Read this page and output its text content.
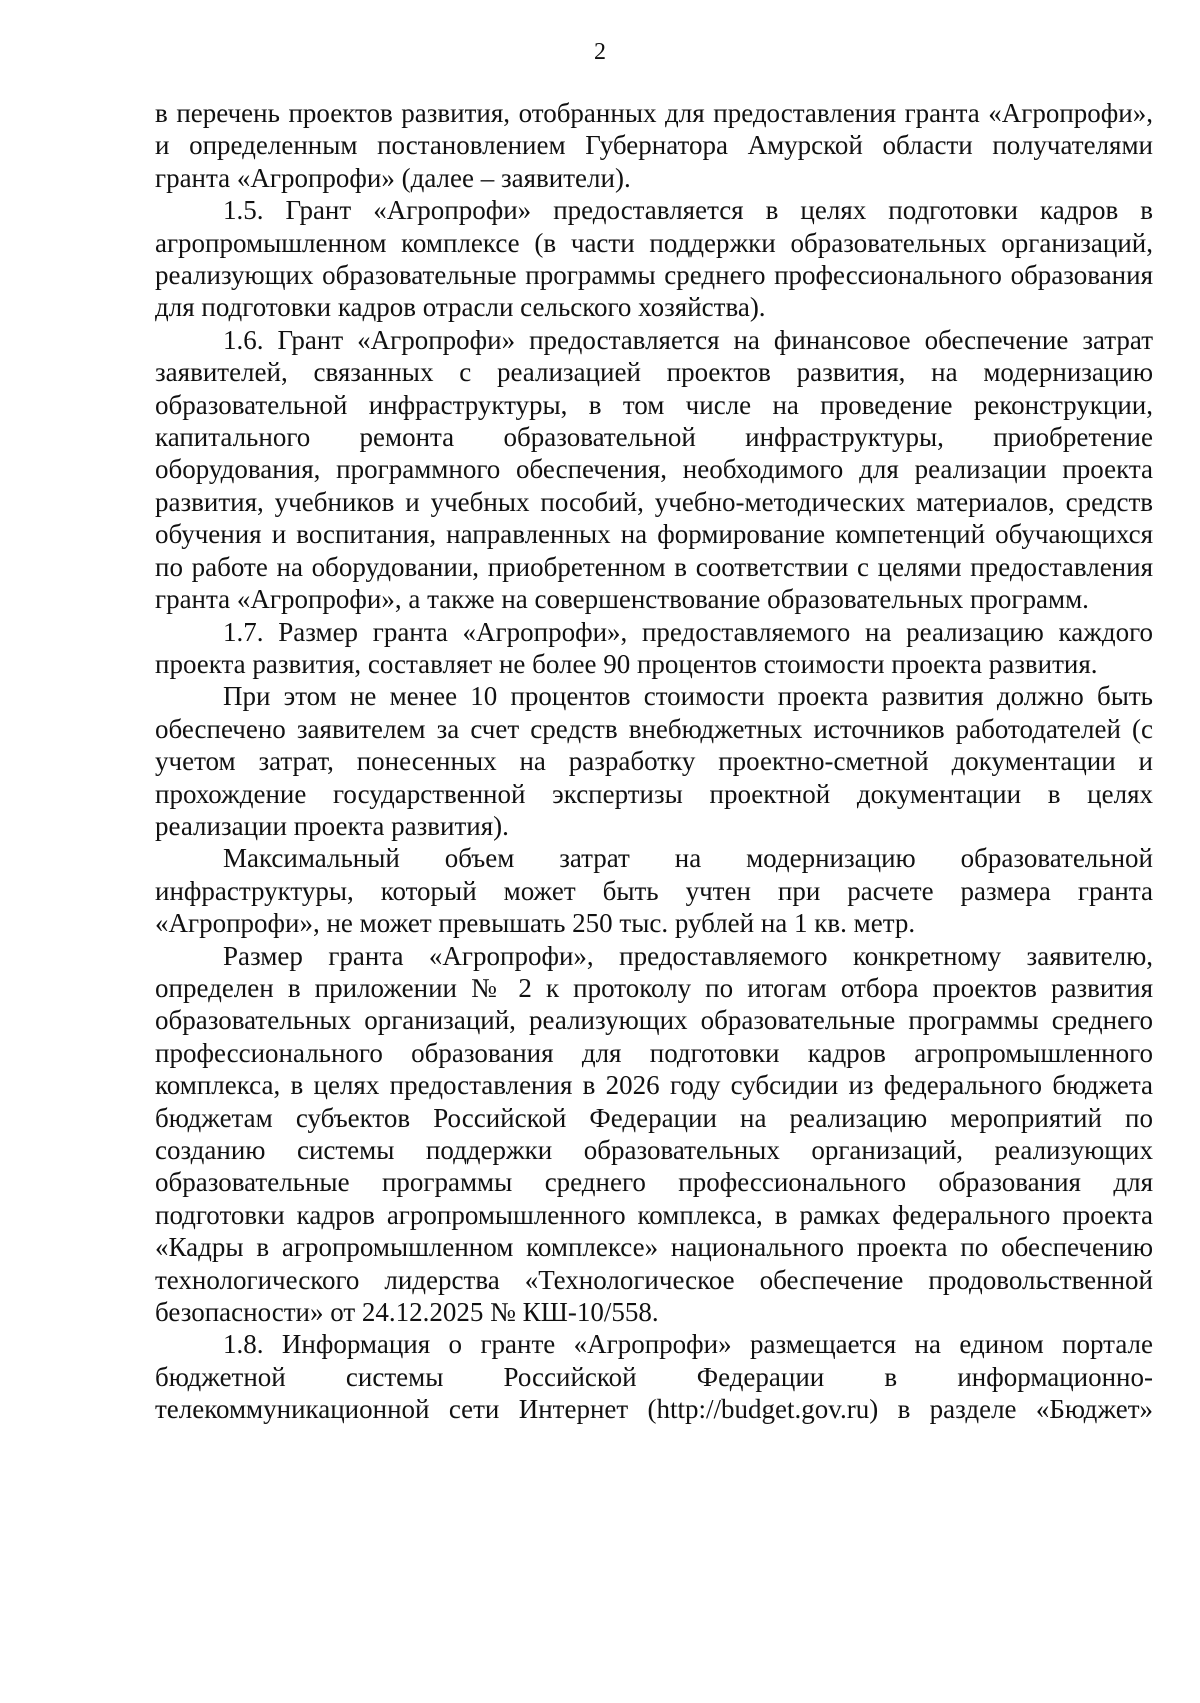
2

в перечень проектов развития, отобранных для предоставления гранта «Агропрофи», и определенным постановлением Губернатора Амурской области получателями гранта «Агропрофи» (далее – заявители).

1.5. Грант «Агропрофи» предоставляется в целях подготовки кадров в агропромышленном комплексе (в части поддержки образовательных организаций, реализующих образовательные программы среднего профессионального образования для подготовки кадров отрасли сельского хозяйства).

1.6. Грант «Агропрофи» предоставляется на финансовое обеспечение затрат заявителей, связанных с реализацией проектов развития, на модернизацию образовательной инфраструктуры, в том числе на проведение реконструкции, капитального ремонта образовательной инфраструктуры, приобретение оборудования, программного обеспечения, необходимого для реализации проекта развития, учебников и учебных пособий, учебно-методических материалов, средств обучения и воспитания, направленных на формирование компетенций обучающихся по работе на оборудовании, приобретенном в соответствии с целями предоставления гранта «Агропрофи», а также на совершенствование образовательных программ.

1.7. Размер гранта «Агропрофи», предоставляемого на реализацию каждого проекта развития, составляет не более 90 процентов стоимости проекта развития.

При этом не менее 10 процентов стоимости проекта развития должно быть обеспечено заявителем за счет средств внебюджетных источников работодателей (с учетом затрат, понесенных на разработку проектно-сметной документации и прохождение государственной экспертизы проектной документации в целях реализации проекта развития).

Максимальный объем затрат на модернизацию образовательной инфраструктуры, который может быть учтен при расчете размера гранта «Агропрофи», не может превышать 250 тыс. рублей на 1 кв. метр.

Размер гранта «Агропрофи», предоставляемого конкретному заявителю, определен в приложении № 2 к протоколу по итогам отбора проектов развития образовательных организаций, реализующих образовательные программы среднего профессионального образования для подготовки кадров агропромышленного комплекса, в целях предоставления в 2026 году субсидии из федерального бюджета бюджетам субъектов Российской Федерации на реализацию мероприятий по созданию системы поддержки образовательных организаций, реализующих образовательные программы среднего профессионального образования для подготовки кадров агропромышленного комплекса, в рамках федерального проекта «Кадры в агропромышленном комплексе» национального проекта по обеспечению технологического лидерства «Технологическое обеспечение продовольственной безопасности» от 24.12.2025 № КШ-10/558.

1.8. Информация о гранте «Агропрофи» размещается на едином портале бюджетной системы Российской Федерации в информационно-телекоммуникационной сети Интернет (http://budget.gov.ru) в разделе «Бюджет»
